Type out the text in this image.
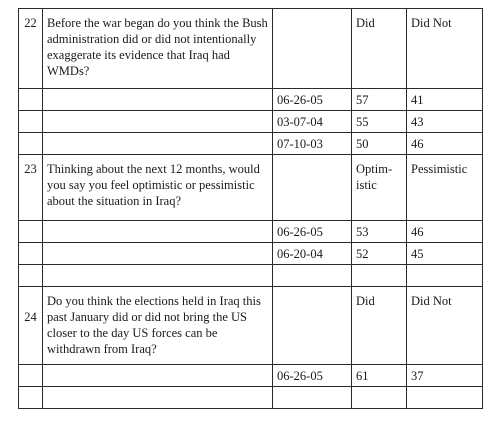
22	Before the war began do you think the Bush administration did or did not intentionally exaggerate its evidence that Iraq had WMDs?		Did	Did Not
		06-26-05	57	41
		03-07-04	55	43
		07-10-03	50	46
23	Thinking about the next 12 months, would you say you feel optimistic or pessimistic about the situation in Iraq?		Optim- istic	Pessimistic
		06-26-05	53	46
		06-20-04	52	45

24	Do you think the elections held in Iraq this past January did or did not bring the US closer to the day US forces can be withdrawn from Iraq?		Did	Did Not
		06-26-05	61	37
